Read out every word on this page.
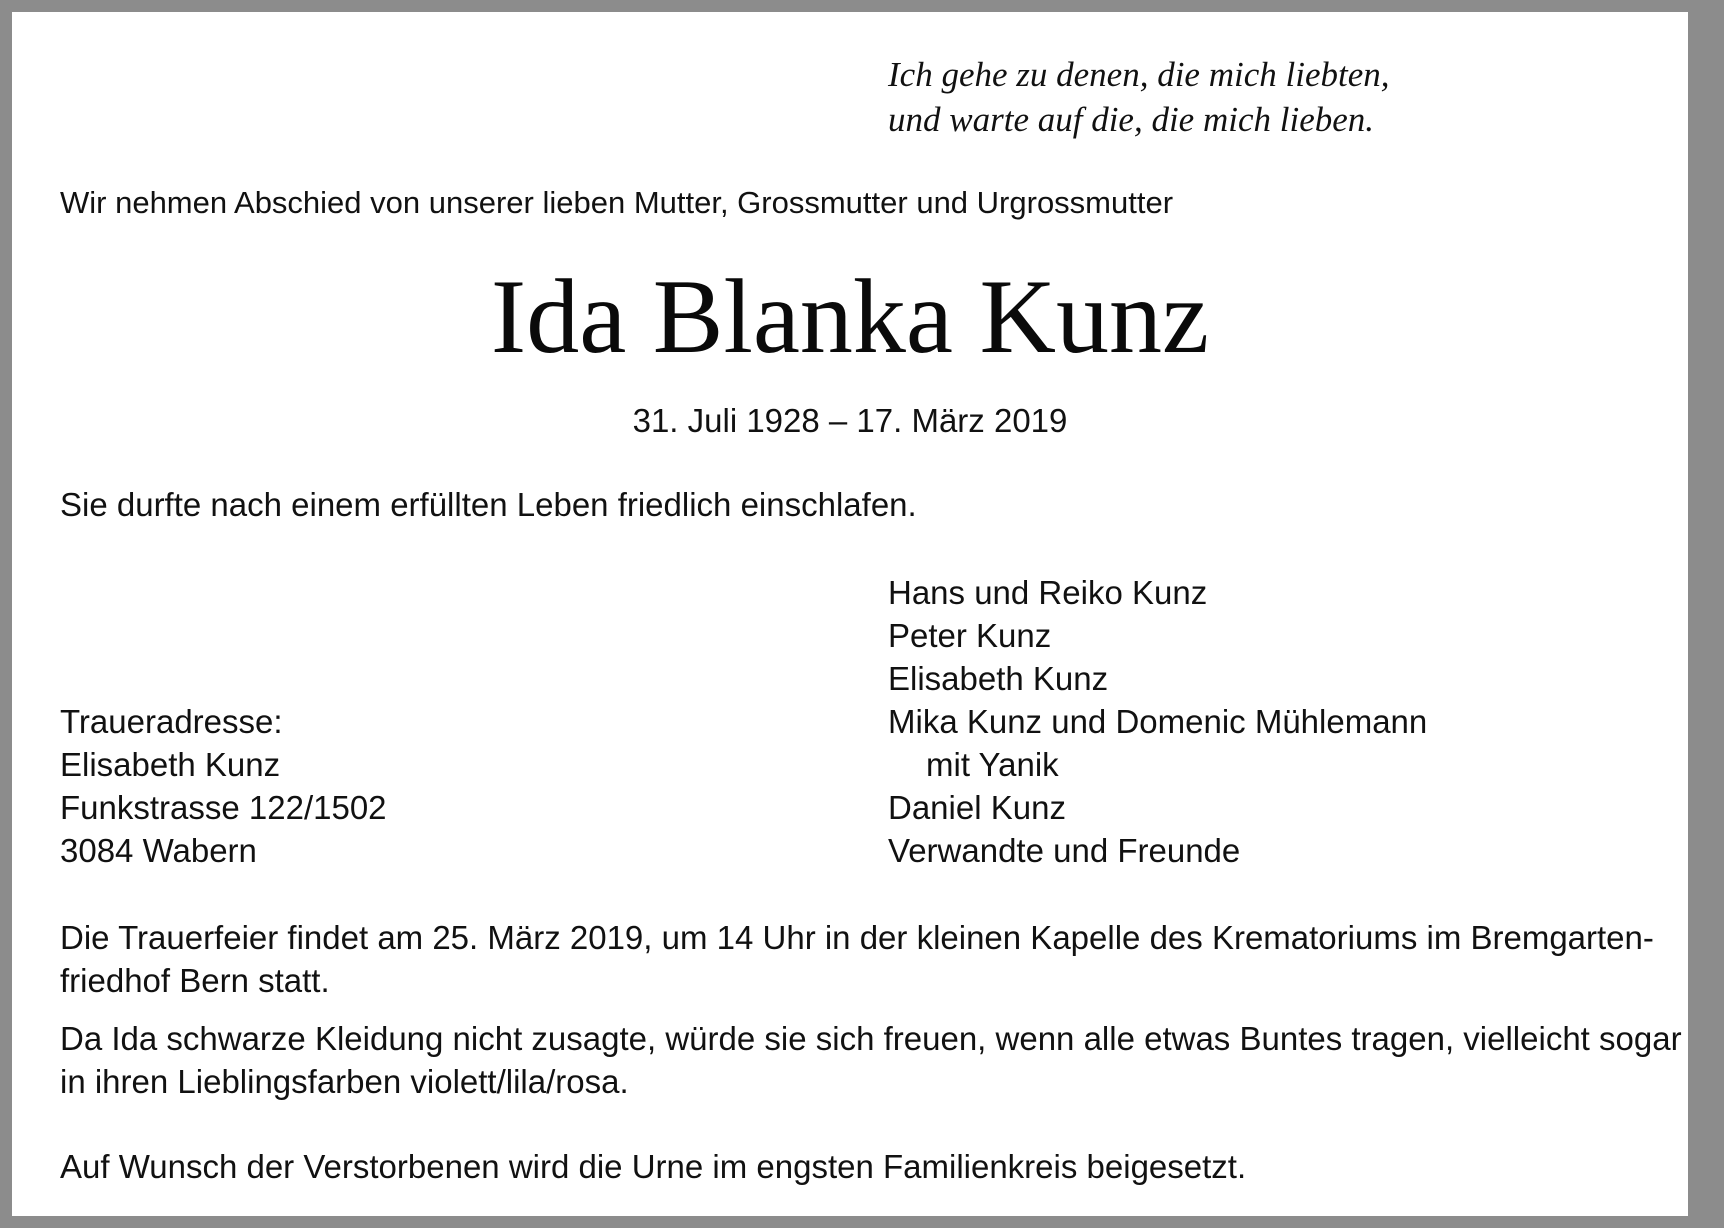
Ich gehe zu denen, die mich liebten,
und warte auf die, die mich lieben.
Wir nehmen Abschied von unserer lieben Mutter, Grossmutter und Urgrossmutter
Ida Blanka Kunz
31. Juli 1928 – 17. März 2019
Sie durfte nach einem erfüllten Leben friedlich einschlafen.
Traueradresse:
Elisabeth Kunz
Funkstrasse 122/1502
3084 Wabern
Hans und Reiko Kunz
Peter Kunz
Elisabeth Kunz
Mika Kunz und Domenic Mühlemann
mit Yanik
Daniel Kunz
Verwandte und Freunde
Die Trauerfeier findet am 25. März 2019, um 14 Uhr in der kleinen Kapelle des Krematoriums im Bremgarten-
friedhof Bern statt.
Da Ida schwarze Kleidung nicht zusagte, würde sie sich freuen, wenn alle etwas Buntes tragen, vielleicht sogar
in ihren Lieblingsfarben violett/lila/rosa.
Auf Wunsch der Verstorbenen wird die Urne im engsten Familienkreis beigesetzt.
